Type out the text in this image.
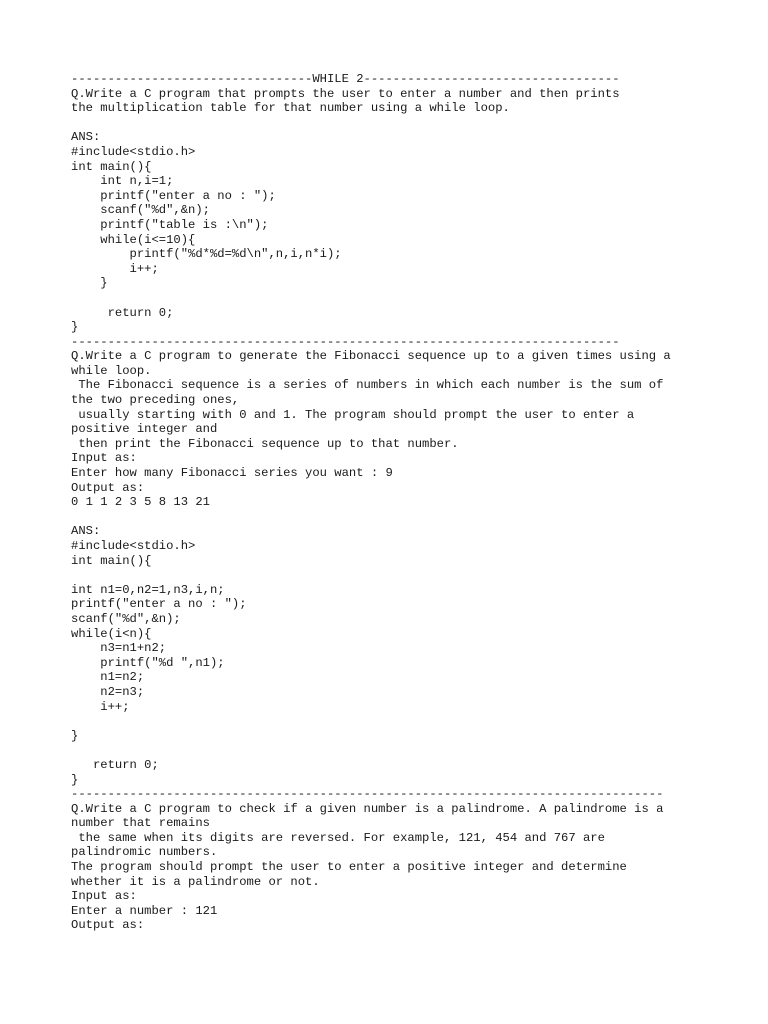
---------------------------------WHILE 2-----------------------------------
Q.Write a C program that prompts the user to enter a number and then prints
the multiplication table for that number using a while loop.
ANS:
#include<stdio.h>
int main(){
int n,i=1;
printf("enter a no : ");
scanf("%d",&n);
printf("table is :\n");
while(i<=10){
printf("%d*%d=%d\n",n,i,n*i);
i++;
}
return 0;
}
---------------------------------------------------------------------------
Q.Write a C program to generate the Fibonacci sequence up to a given times using a
while loop.
The Fibonacci sequence is a series of numbers in which each number is the sum of
the two preceding ones,
usually starting with 0 and 1. The program should prompt the user to enter a
positive integer and
then print the Fibonacci sequence up to that number.
Input as:
Enter how many Fibonacci series you want : 9
Output as:
0 1 1 2 3 5 8 13 21
ANS:
#include<stdio.h>
int main(){
int n1=0,n2=1,n3,i,n;
printf("enter a no : ");
scanf("%d",&n);
while(i<n){
n3=n1+n2;
printf("%d ",n1);
n1=n2;
n2=n3;
i++;
}
return 0;
}
---------------------------------------------------------------------------------
Q.Write a C program to check if a given number is a palindrome. A palindrome is a
number that remains
the same when its digits are reversed. For example, 121, 454 and 767 are
palindromic numbers.
The program should prompt the user to enter a positive integer and determine
whether it is a palindrome or not.
Input as:
Enter a number : 121
Output as:
